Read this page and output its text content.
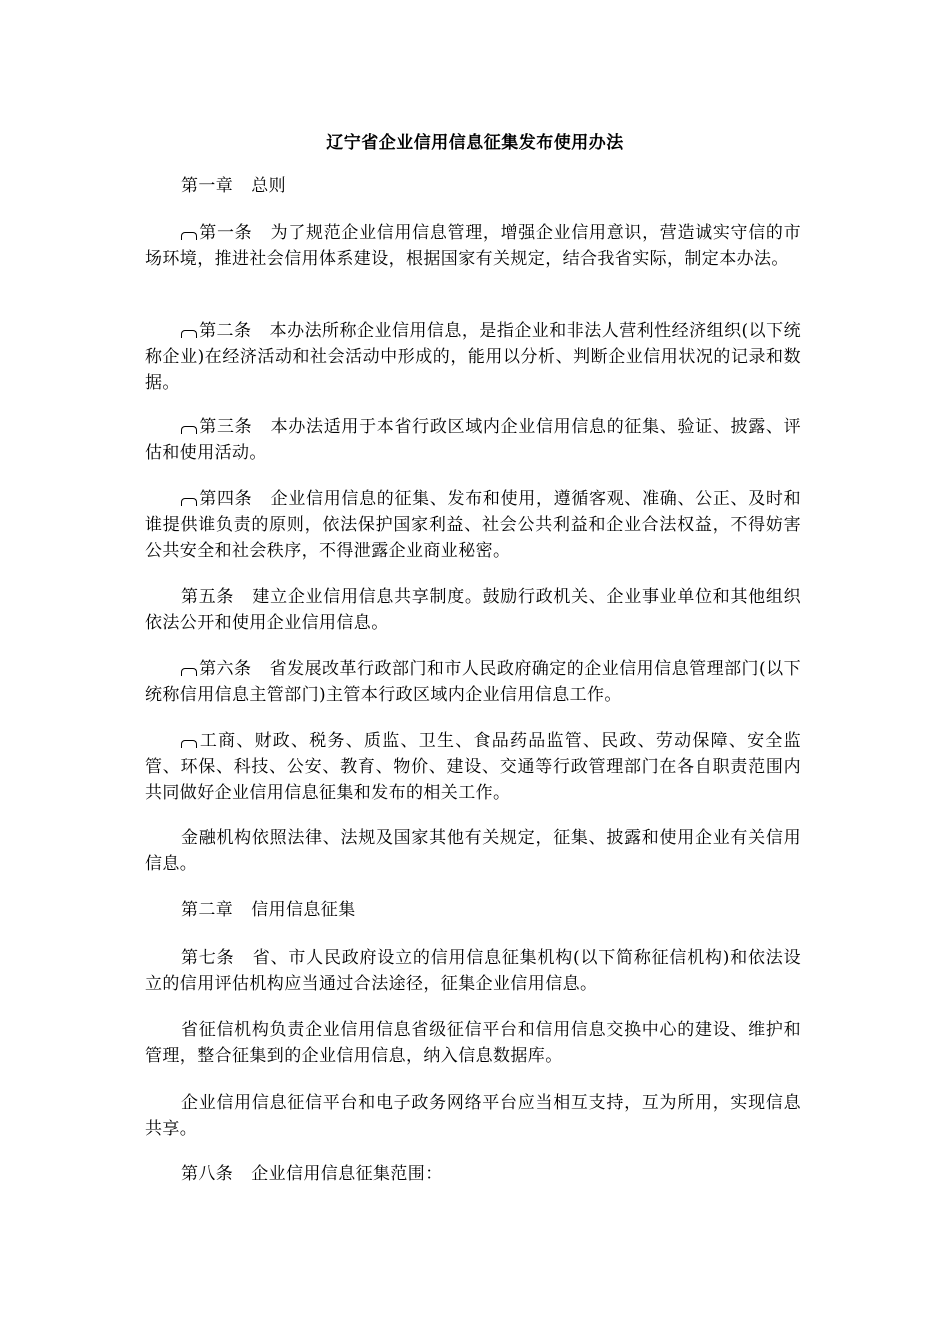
辽宁省企业信用信息征集发布使用办法
第一章 总则
第一条 为了规范企业信用信息管理，增强企业信用意识，营造诚实守信的市场环境，推进社会信用体系建设，根据国家有关规定，结合我省实际，制定本办法。
第二条 本办法所称企业信用信息，是指企业和非法人营利性经济组织(以下统称企业)在经济活动和社会活动中形成的，能用以分析、判断企业信用状况的记录和数据。
第三条 本办法适用于本省行政区域内企业信用信息的征集、验证、披露、评估和使用活动。
第四条 企业信用信息的征集、发布和使用，遵循客观、准确、公正、及时和谁提供谁负责的原则，依法保护国家利益、社会公共利益和企业合法权益，不得妨害公共安全和社会秩序，不得泄露企业商业秘密。
第五条 建立企业信用信息共享制度。鼓励行政机关、企业事业单位和其他组织依法公开和使用企业信用信息。
第六条 省发展改革行政部门和市人民政府确定的企业信用信息管理部门(以下统称信用信息主管部门)主管本行政区域内企业信用信息工作。
工商、财政、税务、质监、卫生、食品药品监管、民政、劳动保障、安全监管、环保、科技、公安、教育、物价、建设、交通等行政管理部门在各自职责范围内共同做好企业信用信息征集和发布的相关工作。
金融机构依照法律、法规及国家其他有关规定，征集、披露和使用企业有关信用信息。
第二章 信用信息征集
第七条 省、市人民政府设立的信用信息征集机构(以下简称征信机构)和依法设立的信用评估机构应当通过合法途径，征集企业信用信息。
省征信机构负责企业信用信息省级征信平台和信用信息交换中心的建设、维护和管理，整合征集到的企业信用信息，纳入信息数据库。
企业信用信息征信平台和电子政务网络平台应当相互支持，互为所用，实现信息共享。
第八条 企业信用信息征集范围：
